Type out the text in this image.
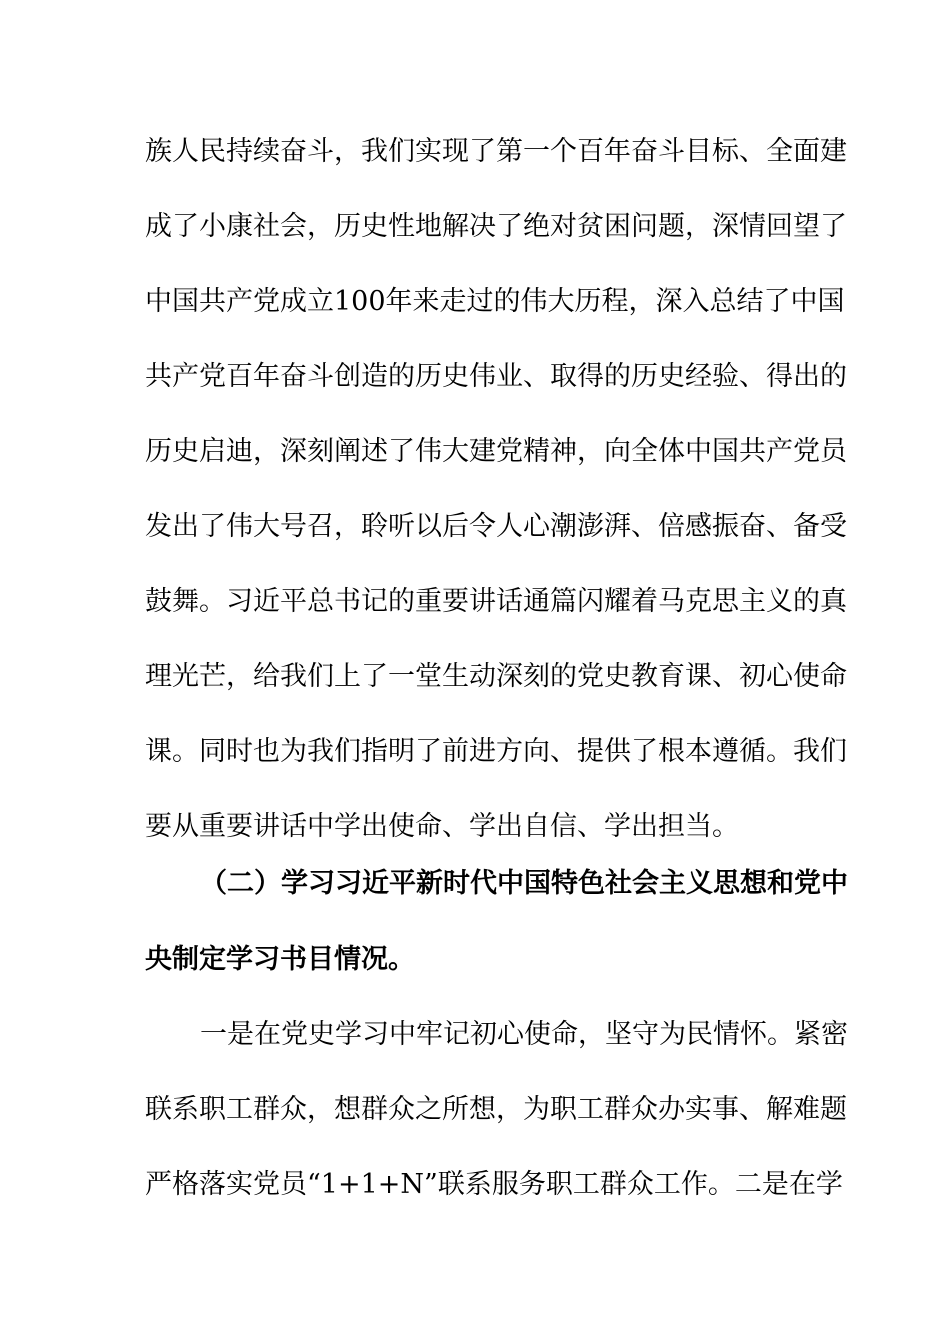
族人民持续奋斗，我们实现了第一个百年奋斗目标、全面建
成了小康社会，历史性地解决了绝对贫困问题，深情回望了
中国共产党成立100年来走过的伟大历程，深入总结了中国
共产党百年奋斗创造的历史伟业、取得的历史经验、得出的
历史启迪，深刻阐述了伟大建党精神，向全体中国共产党员
发出了伟大号召，聆听以后令人心潮澎湃、倍感振奋、备受
鼓舞。习近平总书记的重要讲话通篇闪耀着马克思主义的真
理光芒，给我们上了一堂生动深刻的党史教育课、初心使命
课。同时也为我们指明了前进方向、提供了根本遵循。我们
要从重要讲话中学出使命、学出自信、学出担当。
（二）学习习近平新时代中国特色社会主义思想和党中
央制定学习书目情况。
一是在党史学习中牢记初心使命，坚守为民情怀。紧密
联系职工群众，想群众之所想，为职工群众办实事、解难题
严格落实党员“1+1+N”联系服务职工群众工作。二是在学
